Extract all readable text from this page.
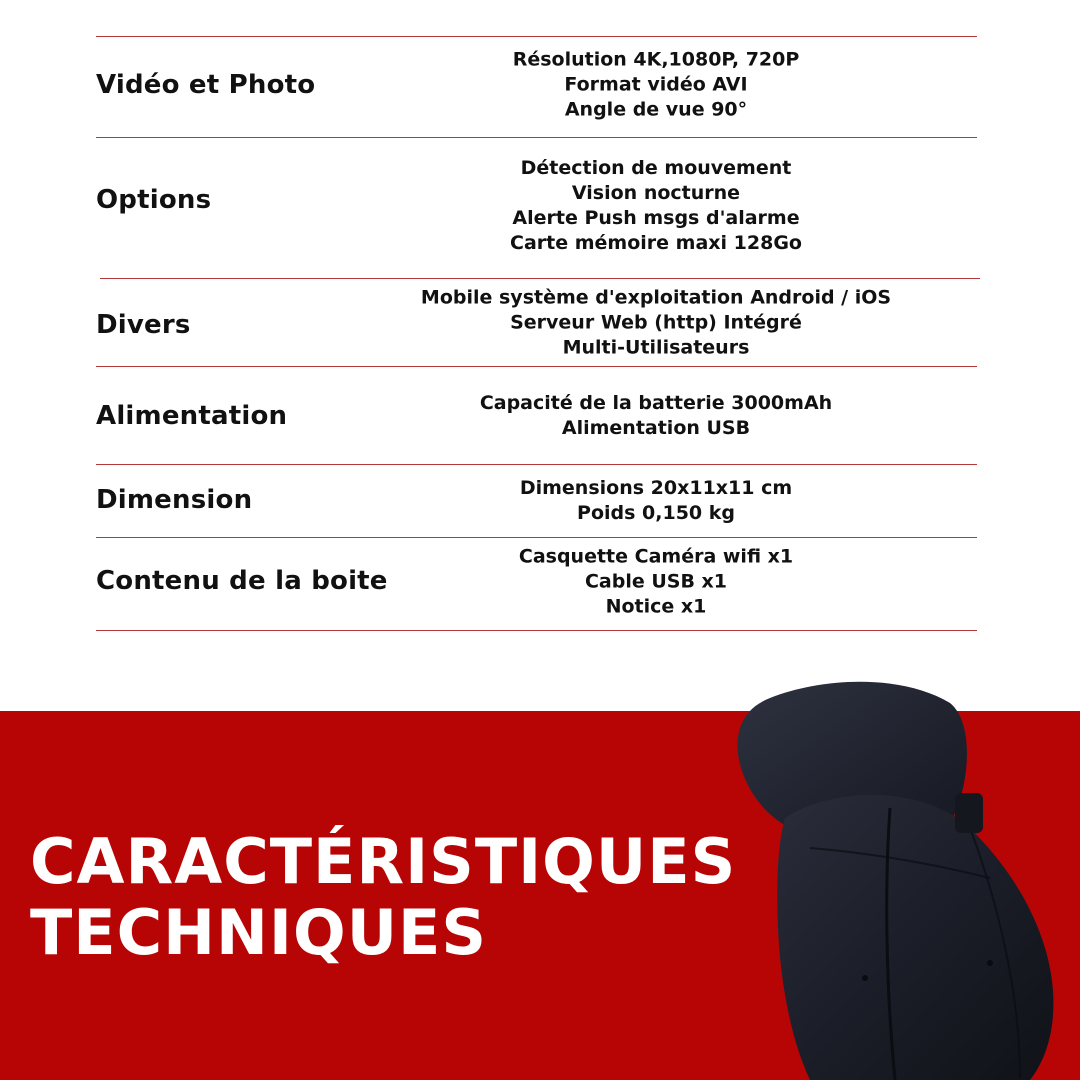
Vidéo et Photo
Résolution 4K,1080P, 720P
Format vidéo AVI
Angle de vue 90°
Options
Détection de mouvement
Vision nocturne
Alerte Push msgs d'alarme
Carte mémoire maxi 128Go
Divers
Mobile système d'exploitation Android / iOS
Serveur Web (http) Intégré
Multi-Utilisateurs
Alimentation	Capacité de la batterie 3000mAh
Alimentation USB
Dimension	Dimensions 20x11x11 cm
Poids 0,150 kg
Contenu de la boite
Casquette Caméra wifi x1
Cable USB x1
Notice x1
CARACTÉRISTIQUES
TECHNIQUES
